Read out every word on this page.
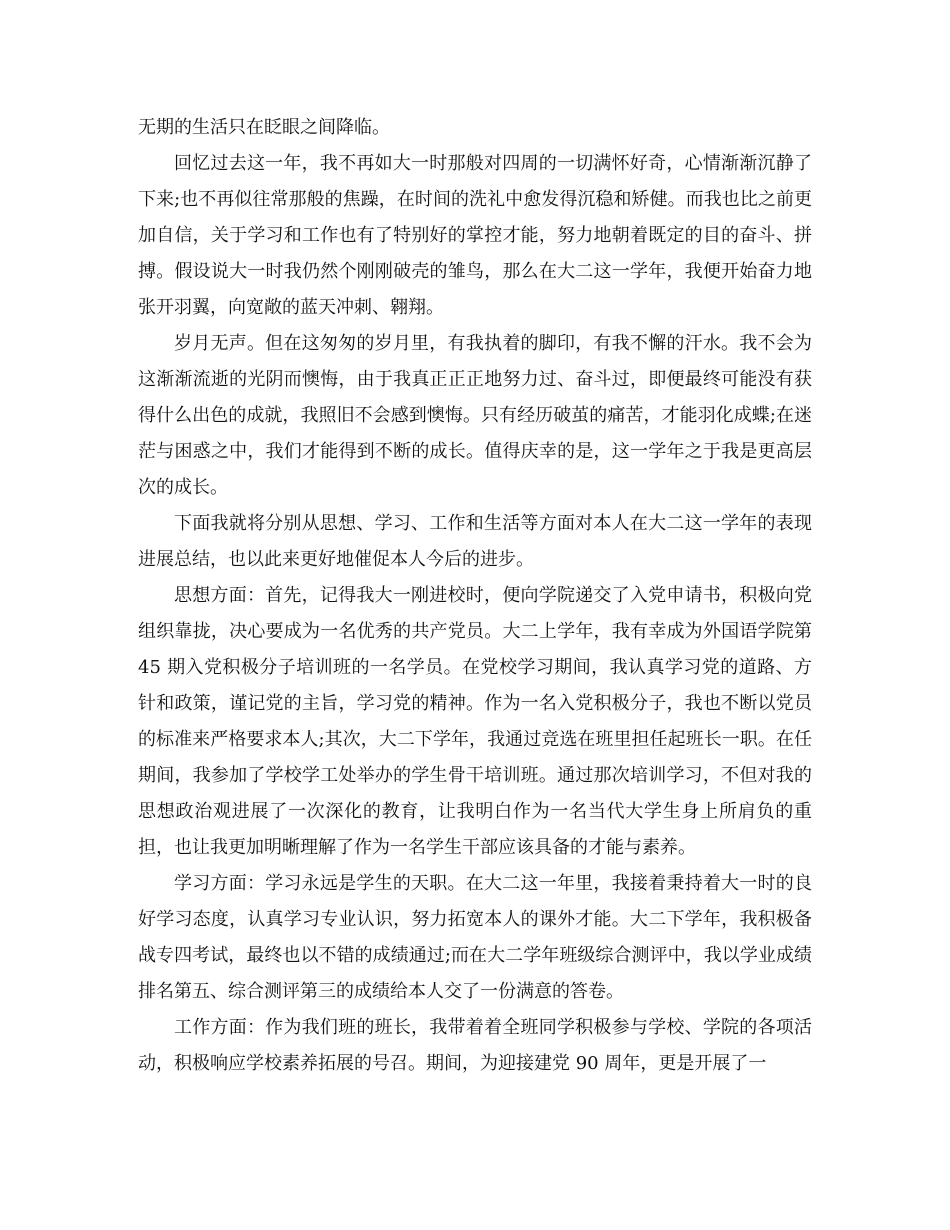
无期的生活只在眨眼之间降临。

回忆过去这一年，我不再如大一时那般对四周的一切满怀好奇，心情渐渐沉静了下来;也不再似往常那般的焦躁，在时间的洗礼中愈发得沉稳和矫健。而我也比之前更加自信，关于学习和工作也有了特别好的掌控才能，努力地朝着既定的目的奋斗、拼搏。假设说大一时我仍然个刚刚破壳的雏鸟，那么在大二这一学年，我便开始奋力地张开羽翼，向宽敞的蓝天冲刺、翱翔。

岁月无声。但在这匆匆的岁月里，有我执着的脚印，有我不懈的汗水。我不会为这渐渐流逝的光阴而懊悔，由于我真正正正地努力过、奋斗过，即便最终可能没有获得什么出色的成就，我照旧不会感到懊悔。只有经历破茧的痛苦，才能羽化成蝶;在迷茫与困惑之中，我们才能得到不断的成长。值得庆幸的是，这一学年之于我是更高层次的成长。

下面我就将分别从思想、学习、工作和生活等方面对本人在大二这一学年的表现进展总结，也以此来更好地催促本人今后的进步。

思想方面：首先，记得我大一刚进校时，便向学院递交了入党申请书，积极向党组织靠拢，决心要成为一名优秀的共产党员。大二上学年，我有幸成为外国语学院第 45 期入党积极分子培训班的一名学员。在党校学习期间，我认真学习党的道路、方针和政策，谨记党的主旨，学习党的精神。作为一名入党积极分子，我也不断以党员的标准来严格要求本人;其次，大二下学年，我通过竞选在班里担任起班长一职。在任期间，我参加了学校学工处举办的学生骨干培训班。通过那次培训学习，不但对我的思想政治观进展了一次深化的教育，让我明白作为一名当代大学生身上所肩负的重担，也让我更加明晰理解了作为一名学生干部应该具备的才能与素养。

学习方面：学习永远是学生的天职。在大二这一年里，我接着秉持着大一时的良好学习态度，认真学习专业认识，努力拓宽本人的课外才能。大二下学年，我积极备战专四考试，最终也以不错的成绩通过;而在大二学年班级综合测评中，我以学业成绩排名第五、综合测评第三的成绩给本人交了一份满意的答卷。

工作方面：作为我们班的班长，我带着着全班同学积极参与学校、学院的各项活动，积极响应学校素养拓展的号召。期间，为迎接建党 90 周年，更是开展了一
